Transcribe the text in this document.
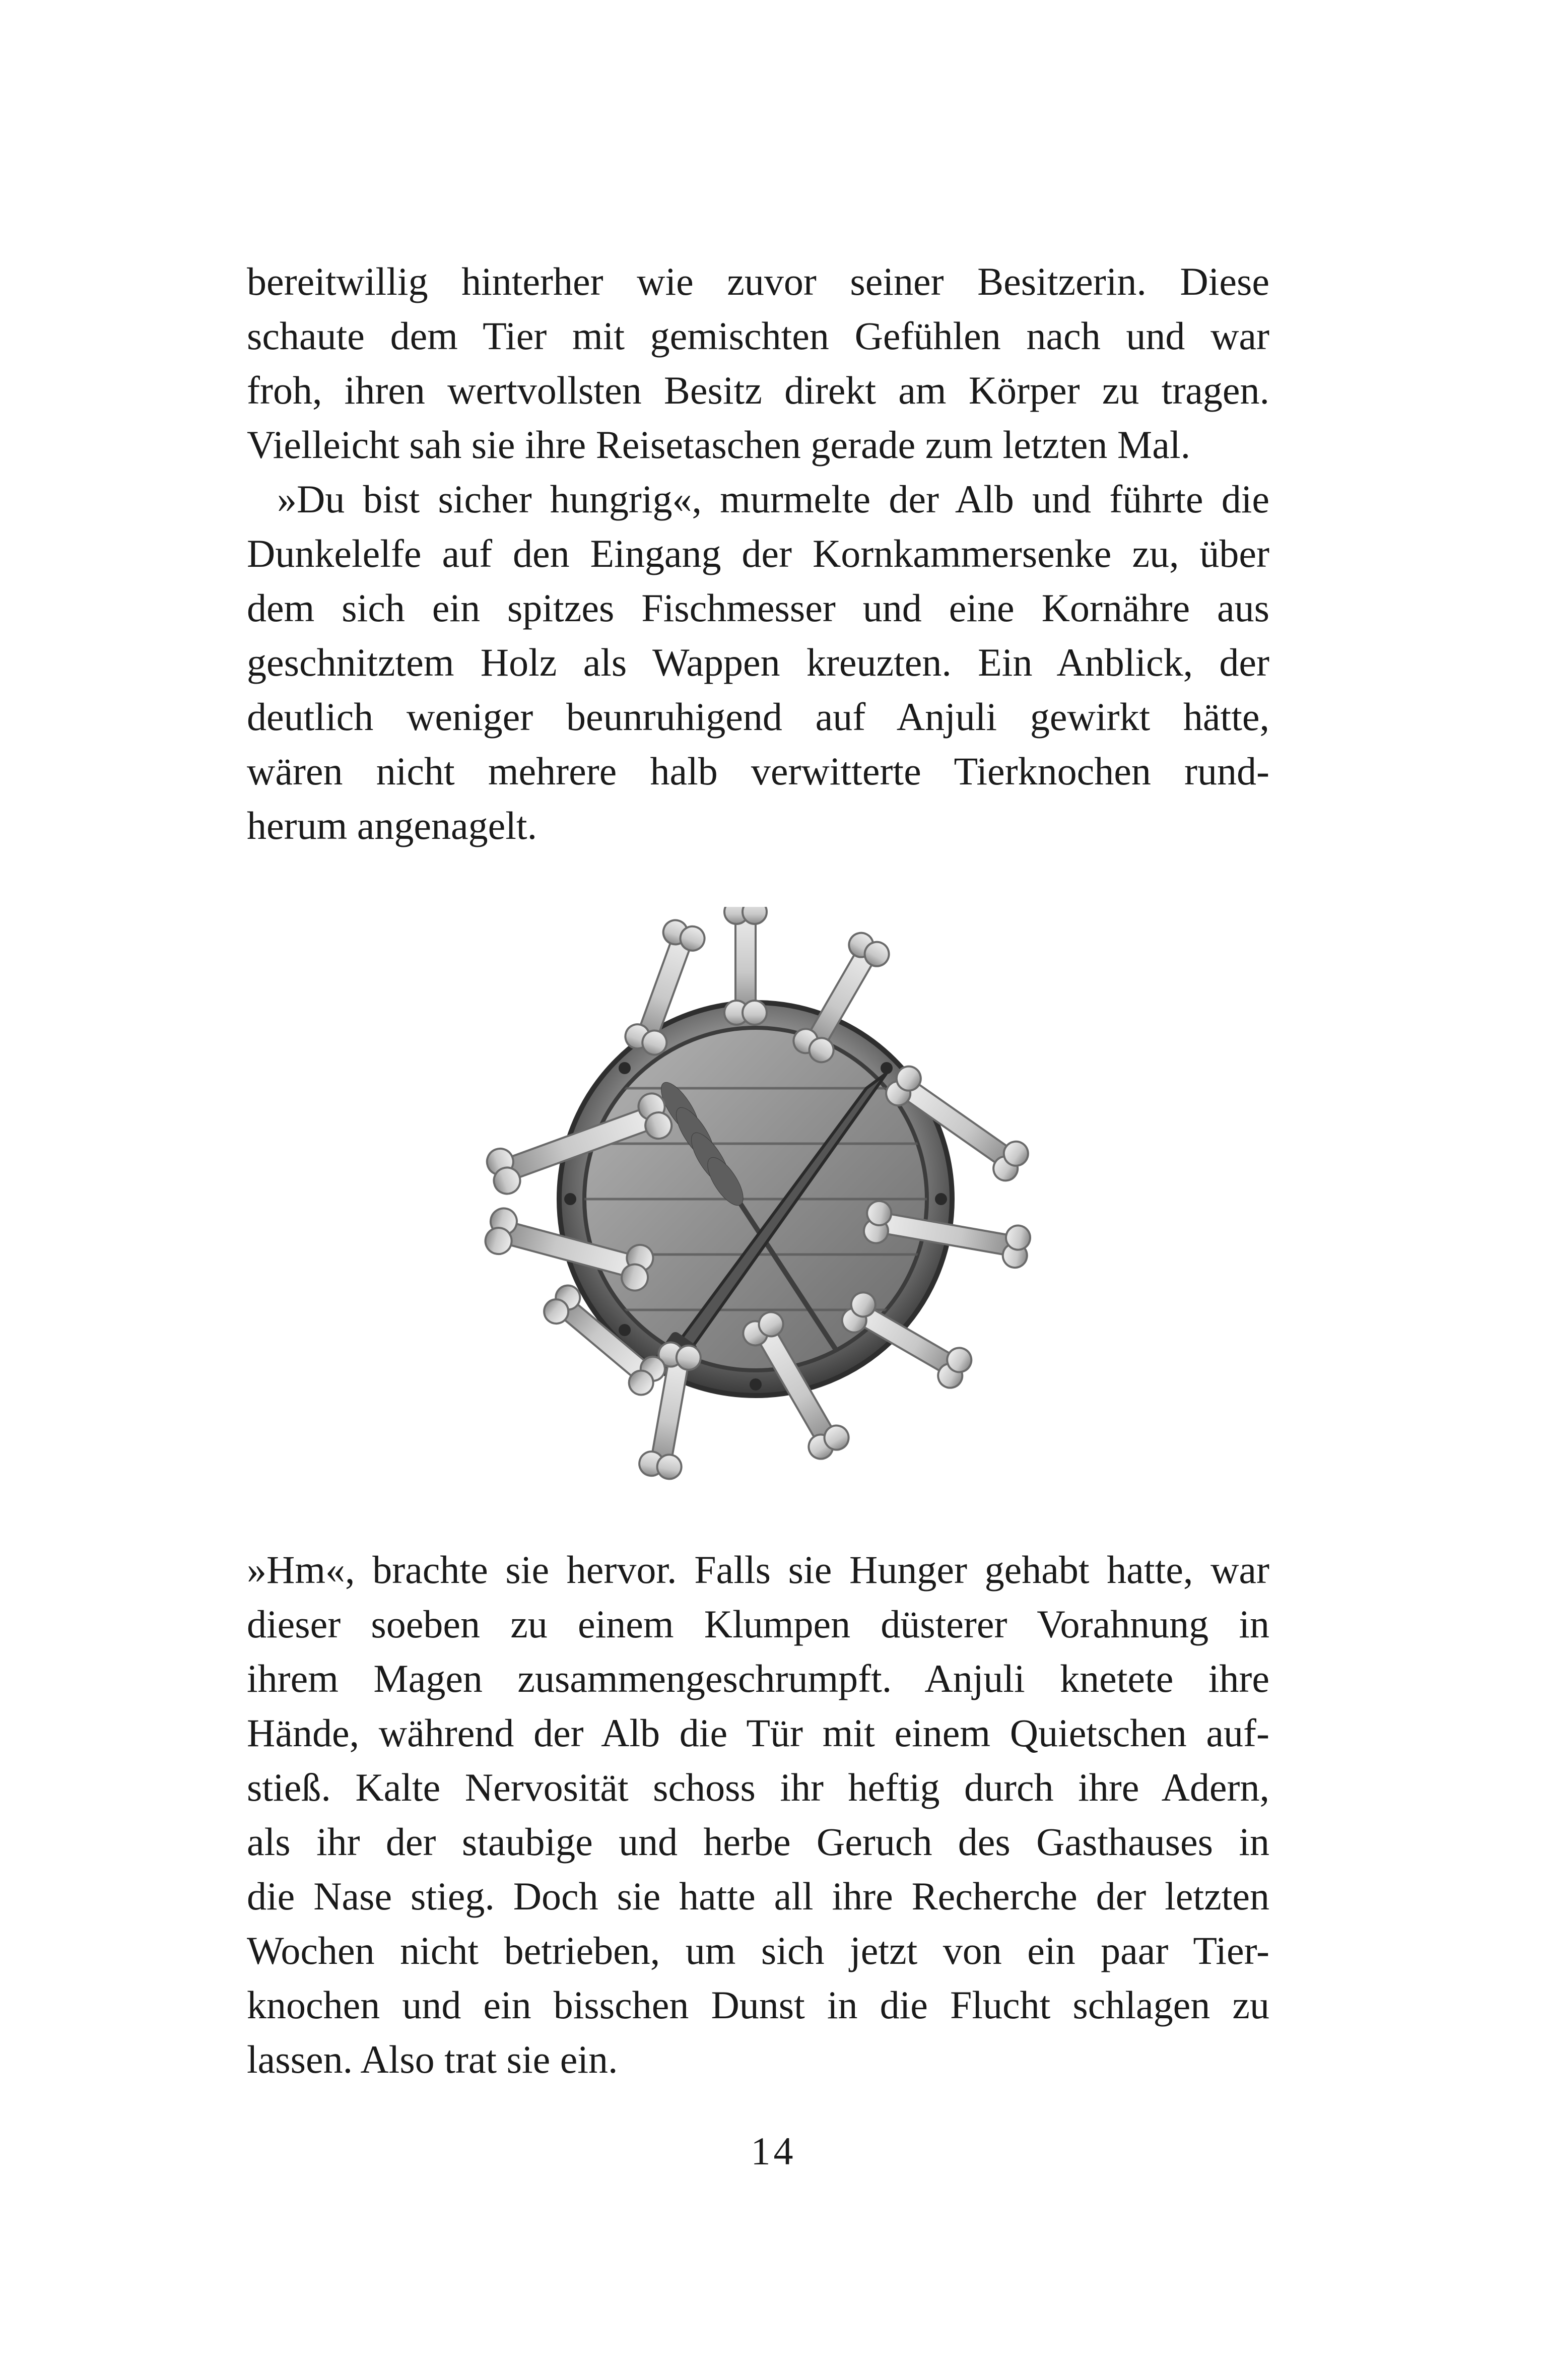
bereitwillig hinterher wie zuvor seiner Besitzerin. Diese
schaute dem Tier mit gemischten Gefühlen nach und war
froh, ihren wertvollsten Besitz direkt am Körper zu tragen.
Vielleicht sah sie ihre Reisetaschen gerade zum letzten Mal.

»Du bist sicher hungrig«, murmelte der Alb und führte die
Dunkelelfe auf den Eingang der Kornkammersenke zu, über
dem sich ein spitzes Fischmesser und eine Kornähre aus
geschnitztem Holz als Wappen kreuzten. Ein Anblick, der
deutlich weniger beunruhigend auf Anjuli gewirkt hätte,
wären nicht mehrere halb verwitterte Tierknochen rund-
herum angenagelt.

»Hm«, brachte sie hervor. Falls sie Hunger gehabt hatte, war
dieser soeben zu einem Klumpen düsterer Vorahnung in
ihrem Magen zusammengeschrumpft. Anjuli knetete ihre
Hände, während der Alb die Tür mit einem Quietschen auf-
stieß. Kalte Nervosität schoss ihr heftig durch ihre Adern,
als ihr der staubige und herbe Geruch des Gasthauses in
die Nase stieg. Doch sie hatte all ihre Recherche der letzten
Wochen nicht betrieben, um sich jetzt von ein paar Tier-
knochen und ein bisschen Dunst in die Flucht schlagen zu
lassen. Also trat sie ein.

14
